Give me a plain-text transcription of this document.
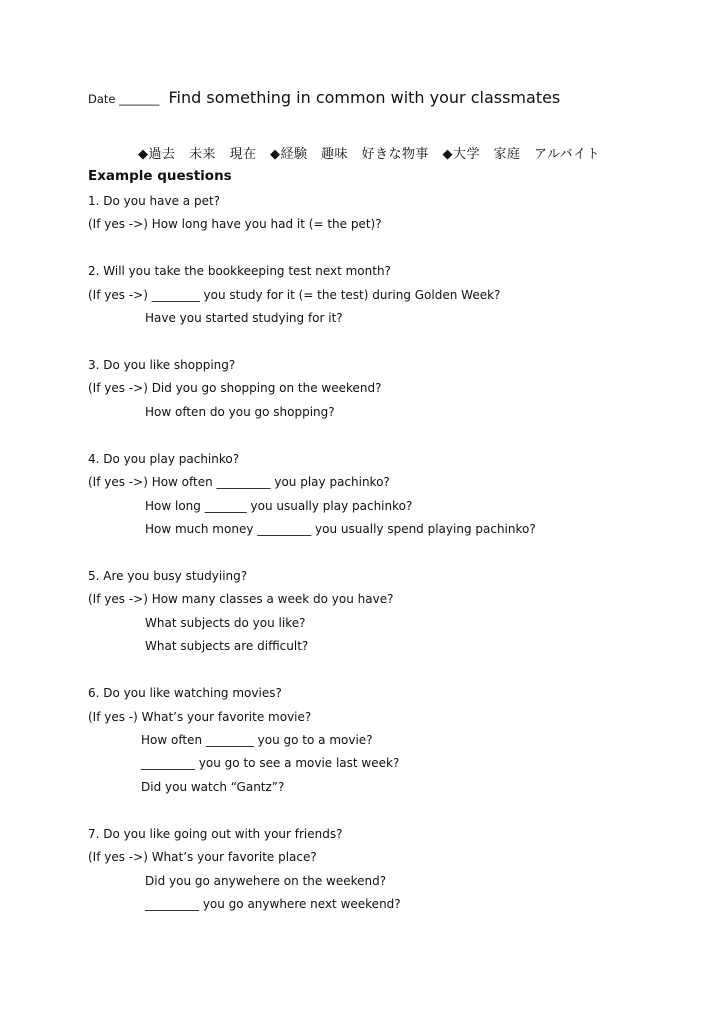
Date _______ Find something in common with your classmates
◆過去　未来　現在　◆経験　趣味　好きな物事　◆大学　家庭　アルバイト
Example questions
1. Do you have a pet?
(If yes ->) How long have you had it (= the pet)?
2. Will you take the bookkeeping test next month?
(If yes ->) ________ you study for it (= the test) during Golden Week?
Have you started studying for it?
3. Do you like shopping?
(If yes ->) Did you go shopping on the weekend?
How often do you go shopping?
4. Do you play pachinko?
(If yes ->) How often _________ you play pachinko?
How long _______ you usually play pachinko?
How much money _________ you usually spend playing pachinko?
5. Are you busy studyiing?
(If yes ->) How many classes a week do you have?
What subjects do you like?
What subjects are difficult?
6. Do you like watching movies?
(If yes -) What’s your favorite movie?
How often ________ you go to a movie?
_________ you go to see a movie last week?
Did you watch “Gantz”?
7. Do you like going out with your friends?
(If yes ->) What’s your favorite place?
Did you go anywehere on the weekend?
_________ you go anywhere next weekend?
